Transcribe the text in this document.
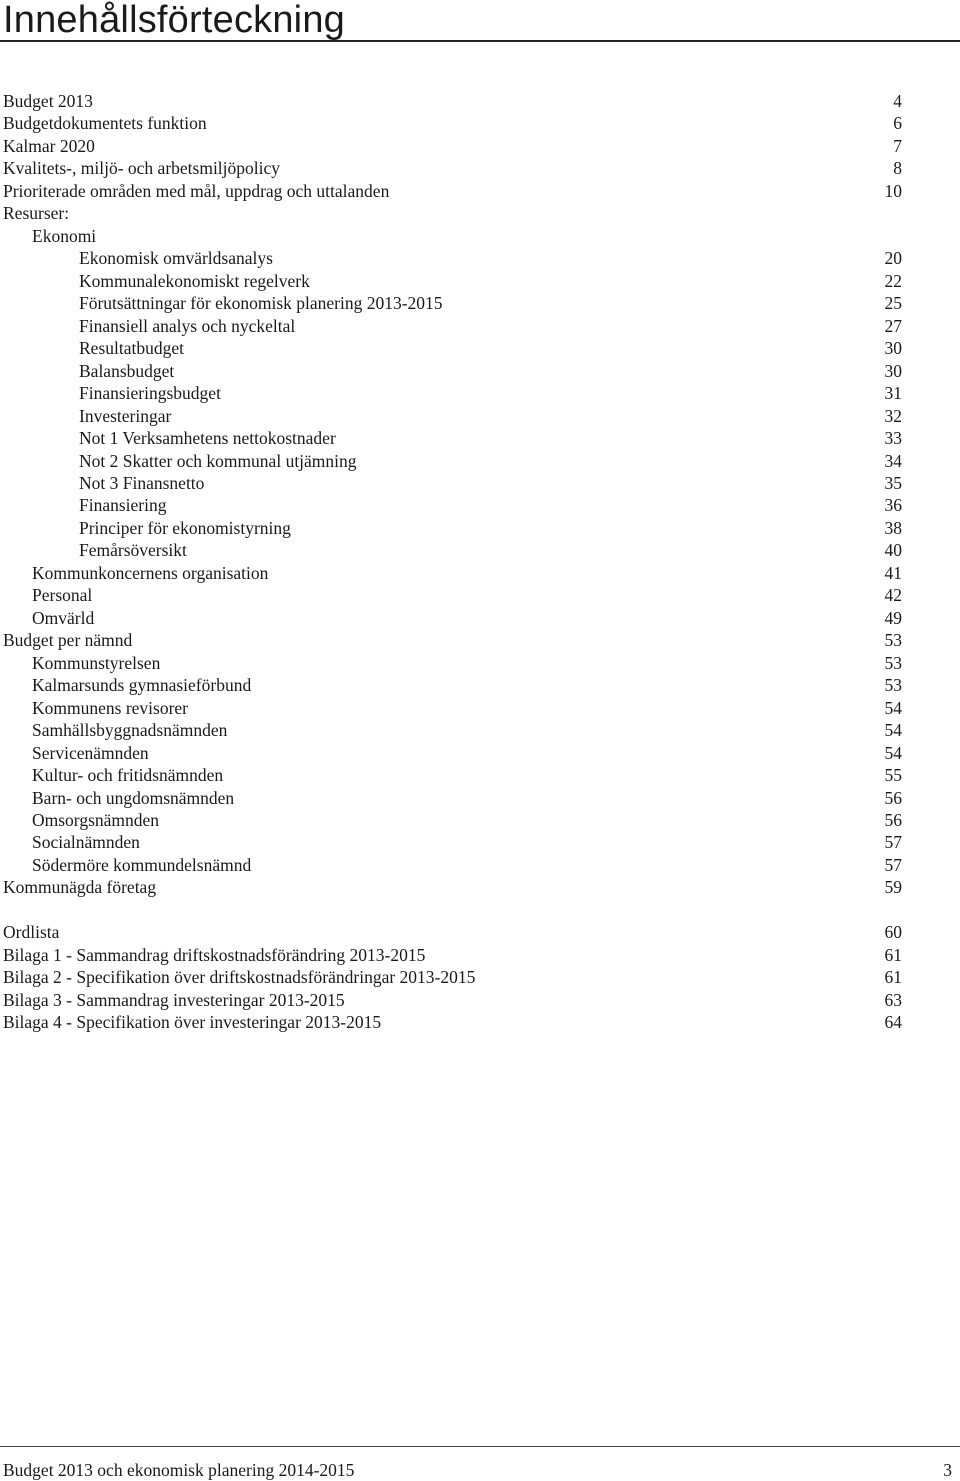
Innehållsförteckning
Budget 2013	4
Budgetdokumentets funktion	6
Kalmar 2020	7
Kvalitets-, miljö- och arbetsmiljöpolicy	8
Prioriterade områden med mål, uppdrag och uttalanden	10
Resurser:
Ekonomi
Ekonomisk omvärldsanalys	20
Kommunalekonomiskt regelverk	22
Förutsättningar för ekonomisk planering 2013-2015	25
Finansiell analys och nyckeltal	27
Resultatbudget	30
Balansbudget	30
Finansieringsbudget	31
Investeringar	32
Not 1 Verksamhetens nettokostnader	33
Not 2 Skatter och kommunal utjämning	34
Not 3 Finansnetto	35
Finansiering	36
Principer för ekonomistyrning	38
Femårsöversikt	40
Kommunkoncernens organisation	41
Personal	42
Omvärld	49
Budget per nämnd	53
Kommunstyrelsen	53
Kalmarsunds gymnasieförbund	53
Kommunens revisorer	54
Samhällsbyggnadsnämnden	54
Servicenämnden	54
Kultur- och fritidsnämnden	55
Barn- och ungdomsnämnden	56
Omsorgsnämnden	56
Socialnämnden	57
Södermöre kommundelsnämnd	57
Kommunägda företag	59
Ordlista	60
Bilaga 1 - Sammandrag driftskostnadsförändring 2013-2015	61
Bilaga 2 - Specifikation över driftskostnadsförändringar 2013-2015	61
Bilaga 3 - Sammandrag investeringar 2013-2015	63
Bilaga 4 - Specifikation över investeringar 2013-2015	64
Budget 2013 och ekonomisk planering 2014-2015	3
